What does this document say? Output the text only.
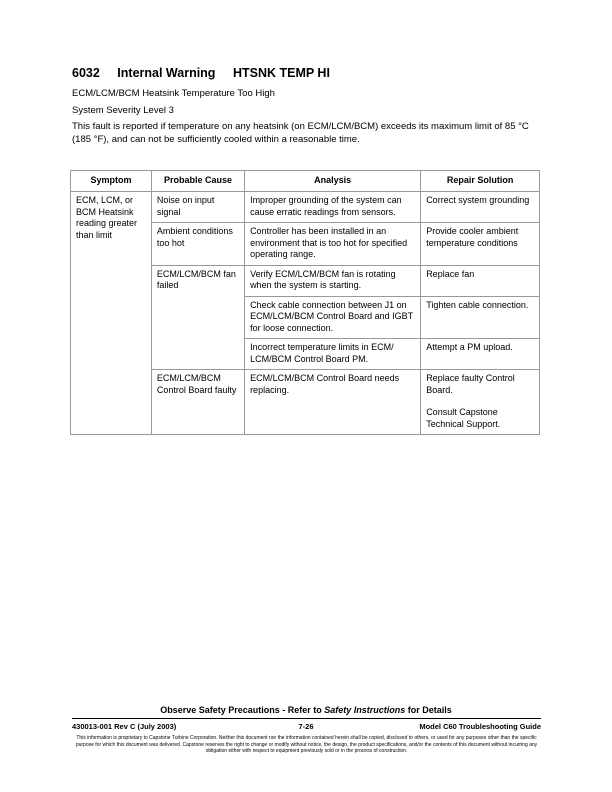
6032 Internal Warning HTSNK TEMP HI
ECM/LCM/BCM Heatsink Temperature Too High
System Severity Level 3
This fault is reported if temperature on any heatsink (on ECM/LCM/BCM) exceeds its maximum limit of 85 °C (185 °F), and can not be sufficiently cooled within a reasonable time.
Symptom	Probable Cause	Analysis	Repair Solution
ECM, LCM, or BCM Heatsink reading greater than limit	Noise on input signal	Improper grounding of the system can cause erratic readings from sensors.	Correct system grounding
	Ambient conditions too hot	Controller has been installed in an environment that is too hot for specified operating range.	Provide cooler ambient temperature conditions
	ECM/LCM/BCM fan failed	Verify ECM/LCM/BCM fan is rotating when the system is starting.	Replace fan
		Check cable connection between J1 on ECM/LCM/BCM Control Board and IGBT for loose connection.	Tighten cable connection.
		Incorrect temperature limits in ECM/ LCM/BCM Control Board PM.	Attempt a PM upload.
	ECM/LCM/BCM Control Board faulty	ECM/LCM/BCM Control Board needs replacing.	Replace faulty Control Board.

Consult Capstone Technical Support.

Observe Safety Precautions - Refer to Safety Instructions for Details
430013-001 Rev C (July 2003)	7-26	Model C60 Troubleshooting Guide
This information is proprietary to Capstone Turbine Corporation. Neither this document nor the information contained herein shall be copied, disclosed to others, or used for any purposes other than the specific purpose for which this document was delivered. Capstone reserves the right to change or modify without notice, the design, the product specifications, and/or the contents of this document without incurring any obligation either with respect to equipment previously sold or in the process of construction.
